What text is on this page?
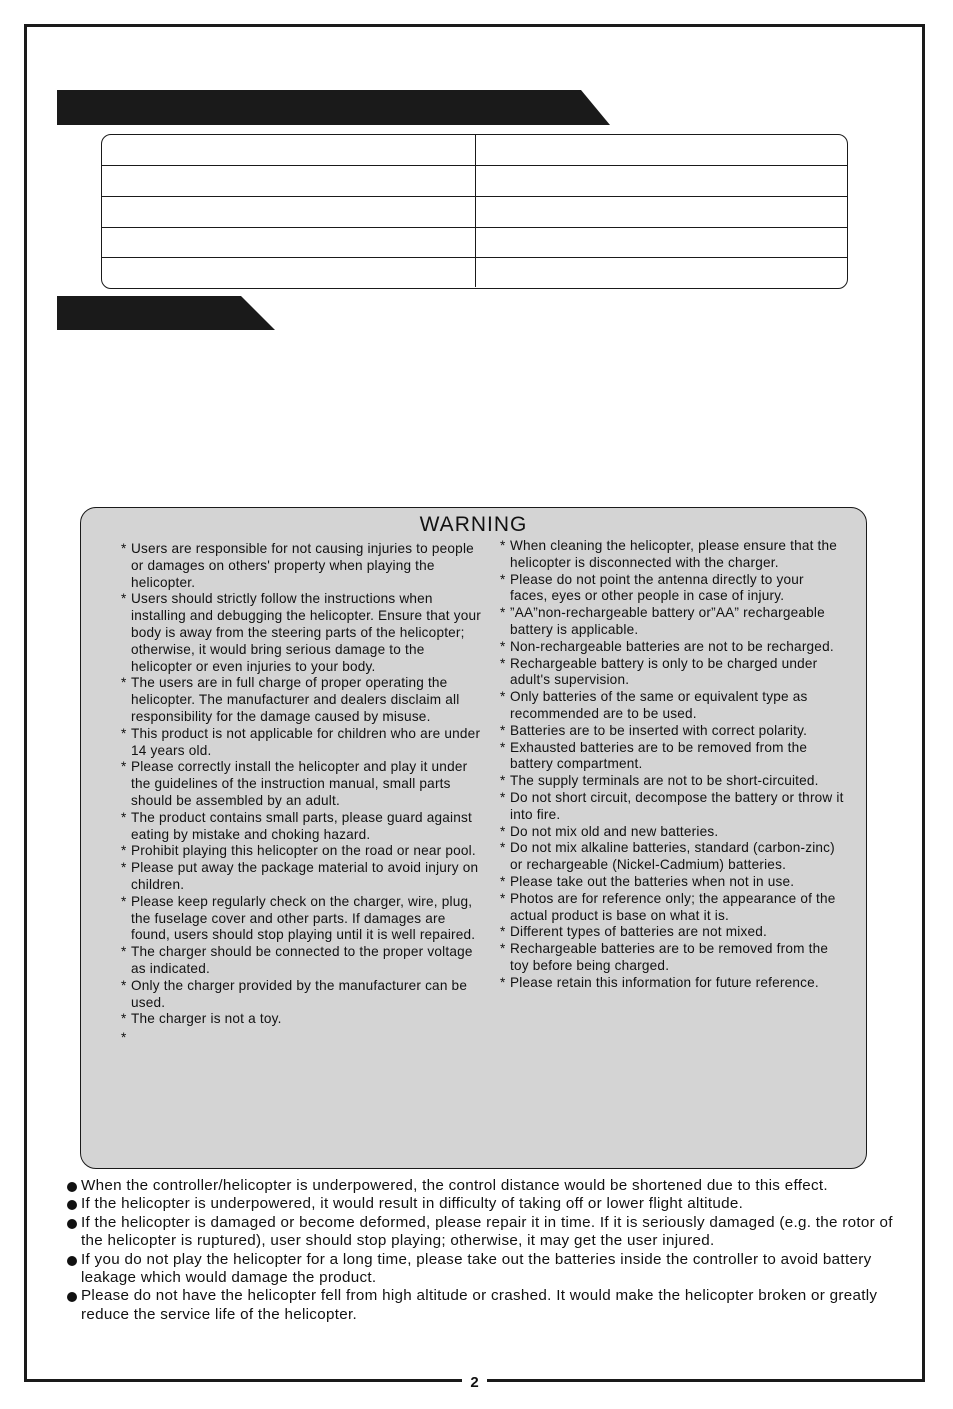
WARNING
* Users are responsible for not causing injuries to people or damages on others' property when playing the helicopter.
* Users should strictly follow the instructions when installing and debugging the helicopter. Ensure that your body is away from the steering parts of the helicopter; otherwise, it would bring serious damage to the helicopter or even injuries to your body.
* The users are in full charge of proper operating the helicopter. The manufacturer and dealers disclaim all responsibility for the damage caused by misuse.
* This product is not applicable for children who are under 14 years old.
* Please correctly install the helicopter and play it under the guidelines of the instruction manual, small parts should be assembled by an adult.
* The product contains small parts, please guard against eating by mistake and choking hazard.
* Prohibit playing this helicopter on the road or near pool.
* Please put away the package material to avoid injury on children.
* Please keep regularly check on the charger, wire, plug, the fuselage cover and other parts. If damages are found, users should stop playing until it is well repaired.
* The charger should be connected to the proper voltage as indicated.
* Only the charger provided by the manufacturer can be used.
* The charger is not a toy.
*

* When cleaning the helicopter, please ensure that the helicopter is disconnected with the charger.
* Please do not point the antenna directly to your faces, eyes or other people in case of injury.
* ”AA”non-rechargeable battery or”AA” rechargeable battery is applicable.
* Non-rechargeable batteries are not to be recharged.
* Rechargeable battery is only to be charged under adult's supervision.
* Only batteries of the same or equivalent type as recommended are to be used.
* Batteries are to be inserted with correct polarity.
* Exhausted batteries are to be removed from the battery compartment.
* The supply terminals are not to be short-circuited.
* Do not short circuit, decompose the battery or throw it into fire.
* Do not mix old and new batteries.
* Do not mix alkaline batteries, standard (carbon-zinc) or rechargeable (Nickel-Cadmium) batteries.
* Please take out the batteries when not in use.
* Photos are for reference only; the appearance of the actual product is base on what it is.
* Different types of batteries are not mixed.
* Rechargeable batteries are to be removed from the toy before being charged.
* Please retain this information for future reference.
When the controller/helicopter is underpowered, the control distance would be shortened due to this effect.
If the helicopter is underpowered, it would result in difficulty of taking off or lower flight altitude.
If the helicopter is damaged or become deformed, please repair it in time. If it is seriously damaged (e.g. the rotor of the helicopter is ruptured), user should stop playing; otherwise, it may get the user injured.
If you do not play the helicopter for a long time, please take out the batteries inside the controller to avoid battery leakage which would damage the product.
Please do not have the helicopter fell from high altitude or crashed. It would make the helicopter broken or greatly reduce the service life of the helicopter.
2
